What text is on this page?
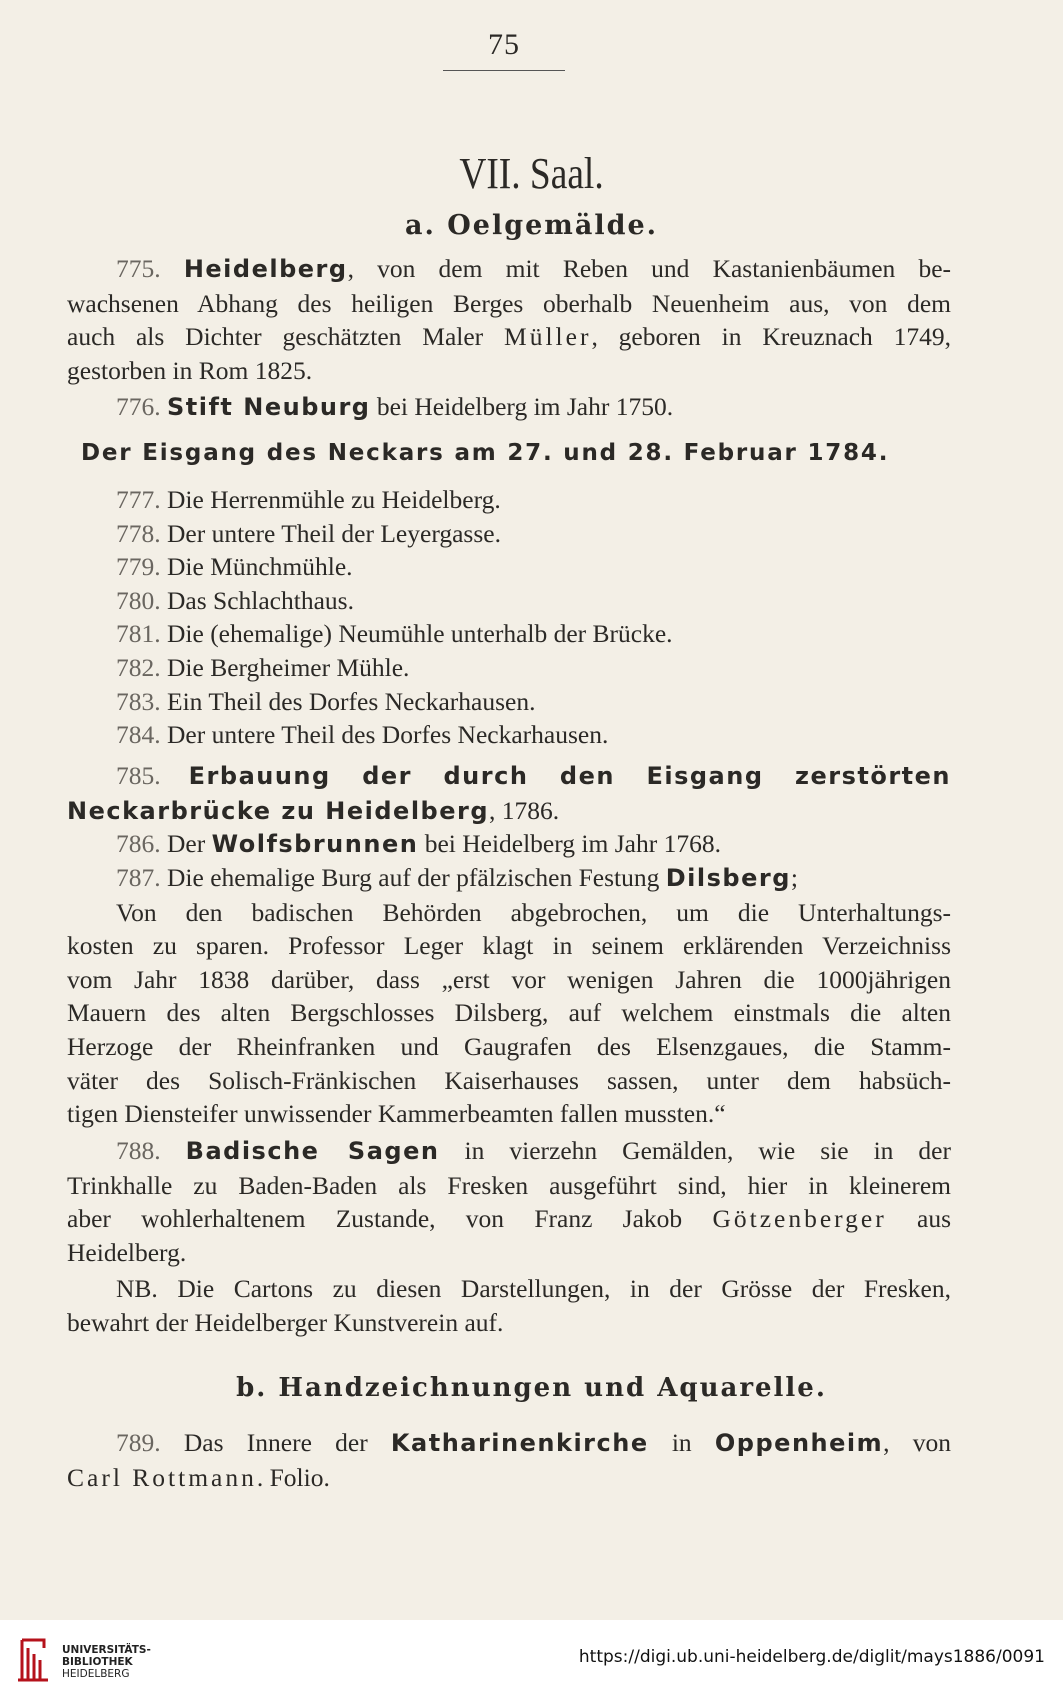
75
VII. Saal.
a. Oelgemälde.

775. Heidelberg, von dem mit Reben und Kastanienbäumen be-

wachsenen Abhang des heiligen Berges oberhalb Neuenheim aus, von dem

auch als Dichter geschätzten Maler Müller, geboren in Kreuznach 1749,

gestorben in Rom 1825.

776. Stift Neuburg bei Heidelberg im Jahr 1750.

Der Eisgang des Neckars am 27. und 28. Februar 1784.

777. Die Herrenmühle zu Heidelberg.

778. Der untere Theil der Leyergasse.

779. Die Münchmühle.

780. Das Schlachthaus.

781. Die (ehemalige) Neumühle unterhalb der Brücke.

782. Die Bergheimer Mühle.

783. Ein Theil des Dorfes Neckarhausen.

784. Der untere Theil des Dorfes Neckarhausen.

785. Erbauung der durch den Eisgang zerstörten

Neckarbrücke zu Heidelberg, 1786.

786. Der Wolfsbrunnen bei Heidelberg im Jahr 1768.

787. Die ehemalige Burg auf der pfälzischen Festung Dilsberg;

Von den badischen Behörden abgebrochen, um die Unterhaltungs-

kosten zu sparen. Professor Leger klagt in seinem erklärenden Verzeichniss

vom Jahr 1838 darüber, dass „erst vor wenigen Jahren die 1000jährigen

Mauern des alten Bergschlosses Dilsberg, auf welchem einstmals die alten

Herzoge der Rheinfranken und Gaugrafen des Elsenzgaues, die Stamm-

väter des Solisch-Fränkischen Kaiserhauses sassen, unter dem habsüch-

tigen Diensteifer unwissender Kammerbeamten fallen mussten.“

788. Badische Sagen in vierzehn Gemälden, wie sie in der

Trinkhalle zu Baden-Baden als Fresken ausgeführt sind, hier in kleinerem

aber wohlerhaltenem Zustande, von Franz Jakob Götzenberger aus

Heidelberg.

NB. Die Cartons zu diesen Darstellungen, in der Grösse der Fresken,

bewahrt der Heidelberger Kunstverein auf.

b. Handzeichnungen und Aquarelle.

789. Das Innere der Katharinenkirche in Oppenheim, von

Carl Rottmann. Folio.

UNIVERSITÄTS-
BIBLIOTHEK
HEIDELBERG
https://digi.ub.uni-heidelberg.de/diglit/mays1886/0091
